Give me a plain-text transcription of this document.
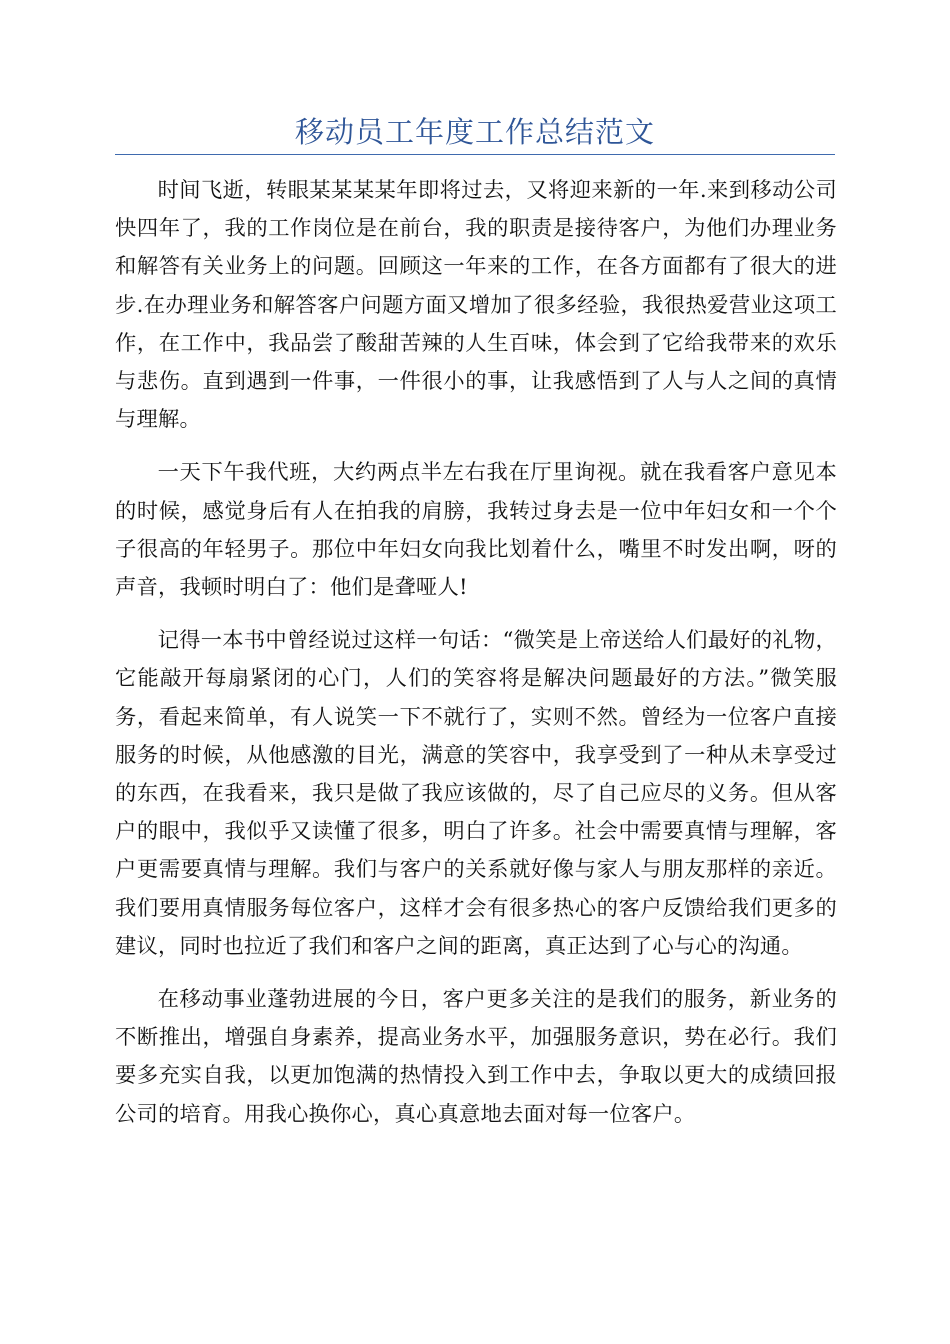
移动员工年度工作总结范文

时间飞逝，转眼某某某某年即将过去，又将迎来新的一年.来到移动公司快四年了，我的工作岗位是在前台，我的职责是接待客户，为他们办理业务和解答有关业务上的问题。回顾这一年来的工作，在各方面都有了很大的进步.在办理业务和解答客户问题方面又增加了很多经验，我很热爱营业这项工作，在工作中，我品尝了酸甜苦辣的人生百味，体会到了它给我带来的欢乐与悲伤。直到遇到一件事，一件很小的事，让我感悟到了人与人之间的真情与理解。

一天下午我代班，大约两点半左右我在厅里询视。就在我看客户意见本的时候，感觉身后有人在拍我的肩膀，我转过身去是一位中年妇女和一个个子很高的年轻男子。那位中年妇女向我比划着什么，嘴里不时发出啊，呀的声音，我顿时明白了：他们是聋哑人!

记得一本书中曾经说过这样一句话：“微笑是上帝送给人们最好的礼物，它能敲开每扇紧闭的心门，人们的笑容将是解决问题最好的方法。”微笑服务，看起来简单，有人说笑一下不就行了，实则不然。曾经为一位客户直接服务的时候，从他感激的目光，满意的笑容中，我享受到了一种从未享受过的东西，在我看来，我只是做了我应该做的，尽了自己应尽的义务。但从客户的眼中，我似乎又读懂了很多，明白了许多。社会中需要真情与理解，客户更需要真情与理解。我们与客户的关系就好像与家人与朋友那样的亲近。我们要用真情服务每位客户，这样才会有很多热心的客户反馈给我们更多的建议，同时也拉近了我们和客户之间的距离，真正达到了心与心的沟通。

在移动事业蓬勃进展的今日，客户更多关注的是我们的服务，新业务的不断推出，增强自身素养，提高业务水平，加强服务意识，势在必行。我们要多充实自我，以更加饱满的热情投入到工作中去，争取以更大的成绩回报公司的培育。用我心换你心，真心真意地去面对每一位客户。
